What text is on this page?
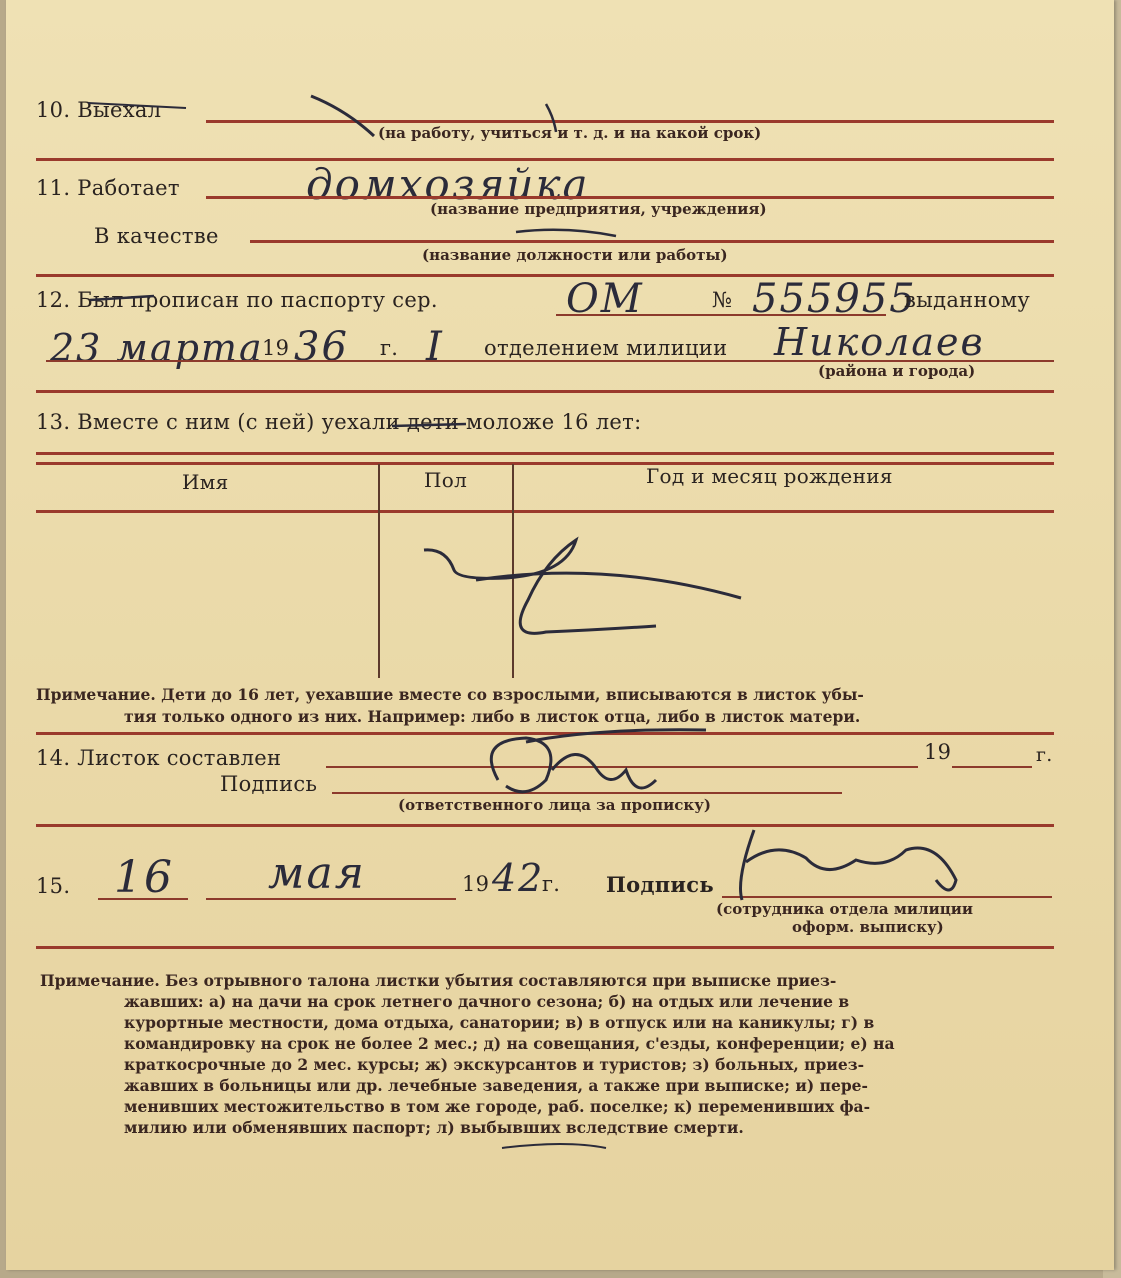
10. Выехал
(на работу, учиться и т. д. и на какой срок)
11. Работает	домхозяйка
(название предприятия, учреждения)
В качестве
(название должности или работы)
12. Был прописан по паспорту сер.	ОМ	№ 555955
выданному
23 марта
19 36 г. I отделением милиции Николаев
(района и города)
13. Вместе с ним (с ней) уехали дети моложе 16 лет:
Имя	Пол	Год и месяц рождения
Примечание. Дети до 16 лет, уехавшие вместе со взрослыми, вписываются в листок убы-
тия только одного из них. Например: либо в листок отца, либо в листок матери.
14. Листок составлен	19	г.
Подпись
(ответственного лица за прописку)
15. 16 мая	19 42
г. Подпись
(сотрудника отдела милиции
оформ. выписку)
Примечание. Без отрывного талона листки убытия составляются при выписке приез-
жавших: а) на дачи на срок летнего дачного сезона; б) на отдых или лечение в
курортные местности, дома отдыха, санатории; в) в отпуск или на каникулы; г) в
командировку на срок не более 2 мес.; д) на совещания, с'езды, конференции; е) на
краткосрочные до 2 мес. курсы; ж) экскурсантов и туристов; з) больных, приез-
жавших в больницы или др. лечебные заведения, а также при выписке; и) пере-
менивших местожительство в том же городе, раб. поселке; к) переменивших фа-
милию или обменявших паспорт; л) выбывших вследствие смерти.
